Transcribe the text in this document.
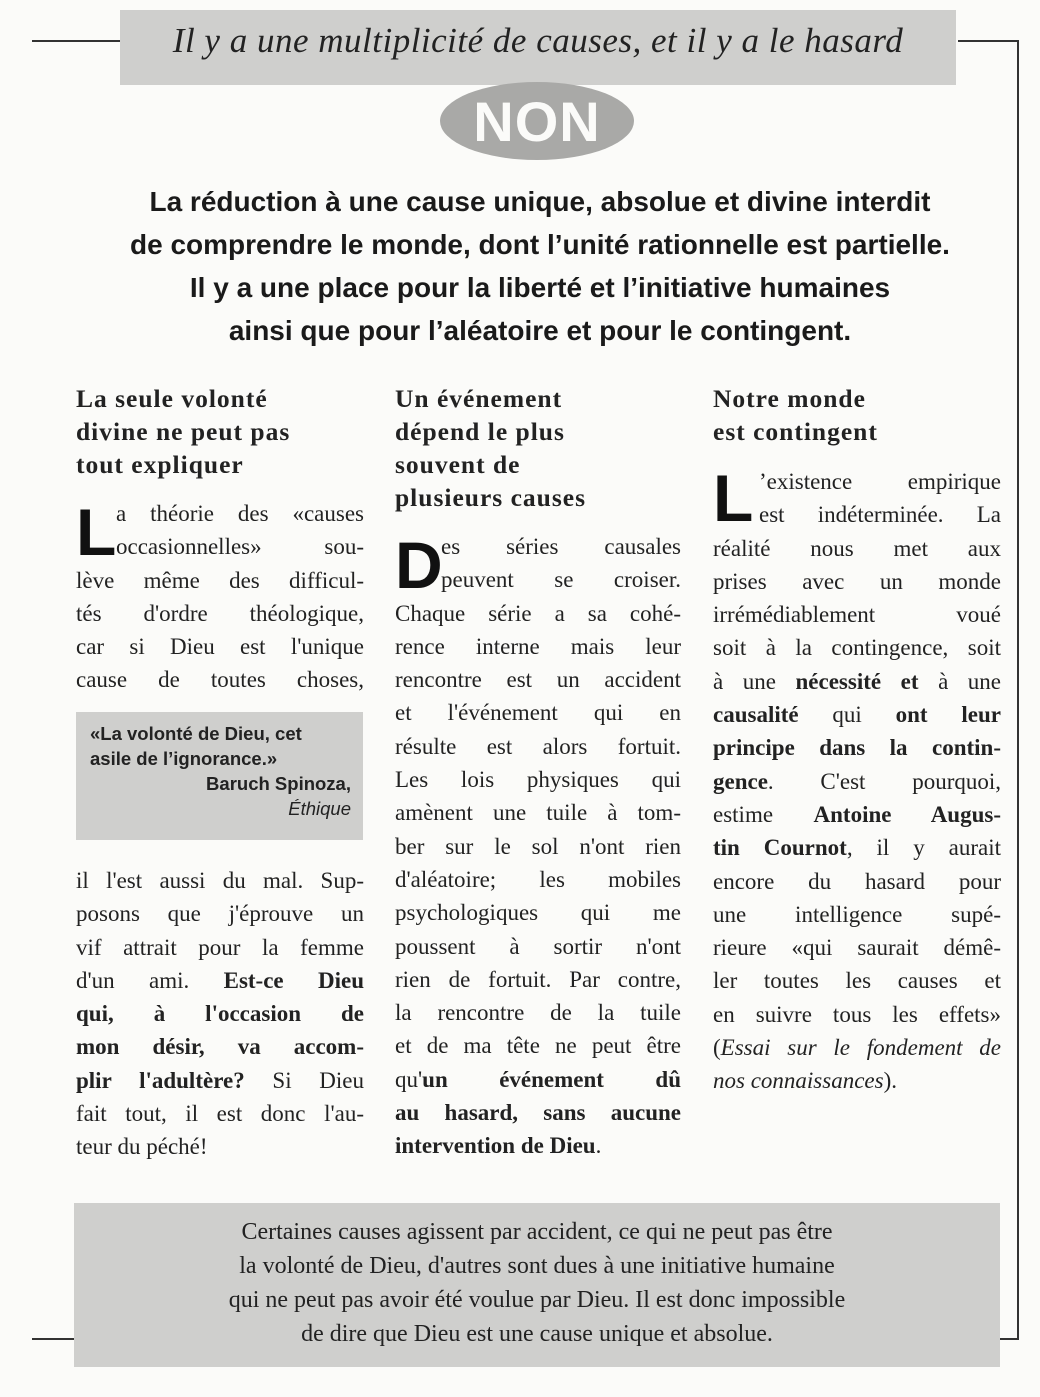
Il y a une multiplicité de causes, et il y a le hasard
NON
La réduction à une cause unique, absolue et divine interdit
de comprendre le monde, dont l’unité rationnelle est partielle.
Il y a une place pour la liberté et l’initiative humaines
ainsi que pour l’aléatoire et pour le contingent.
La seule volonté
divine ne peut pas
tout expliquer
L a théorie des «causes
occasionnelles» sou-
lève même des difficul-
tés d'ordre théologique,
car si Dieu est l'unique
cause de toutes choses,
«La volonté de Dieu, cet
asile de l’ignorance.»
Baruch Spinoza,
Éthique
il l'est aussi du mal. Sup-
posons que j'éprouve un
vif attrait pour la femme
d'un ami. Est-ce Dieu
qui, à l'occasion de
mon désir, va accom-
plir l'adultère? Si Dieu
fait tout, il est donc l'au-
teur du péché!
Un événement
dépend le plus
souvent de
plusieurs causes
D
es séries causales
peuvent se croiser.
Chaque série a sa cohé-
rence interne mais leur
rencontre est un accident
et l'événement qui en
résulte est alors fortuit.
Les lois physiques qui
amènent une tuile à tom-
ber sur le sol n'ont rien
d'aléatoire; les mobiles
psychologiques qui me
poussent à sortir n'ont
rien de fortuit. Par contre,
la rencontre de la tuile
et de ma tête ne peut être
qu'un événement dû
au hasard, sans aucune
intervention de Dieu.
Notre monde
est contingent
L ’existence empirique
est indéterminée. La
réalité nous met aux
prises avec un monde
irrémédiablement voué
soit à la contingence, soit
à une nécessité et à une
causalité qui ont leur
principe dans la contin-
gence. C'est pourquoi,
estime Antoine Augus-
tin Cournot, il y aurait
encore du hasard pour
une intelligence supé-
rieure «qui saurait démê-
ler toutes les causes et
en suivre tous les effets»
(Essai sur le fondement de
nos connaissances).
Certaines causes agissent par accident, ce qui ne peut pas être
la volonté de Dieu, d'autres sont dues à une initiative humaine
qui ne peut pas avoir été voulue par Dieu. Il est donc impossible
de dire que Dieu est une cause unique et absolue.
